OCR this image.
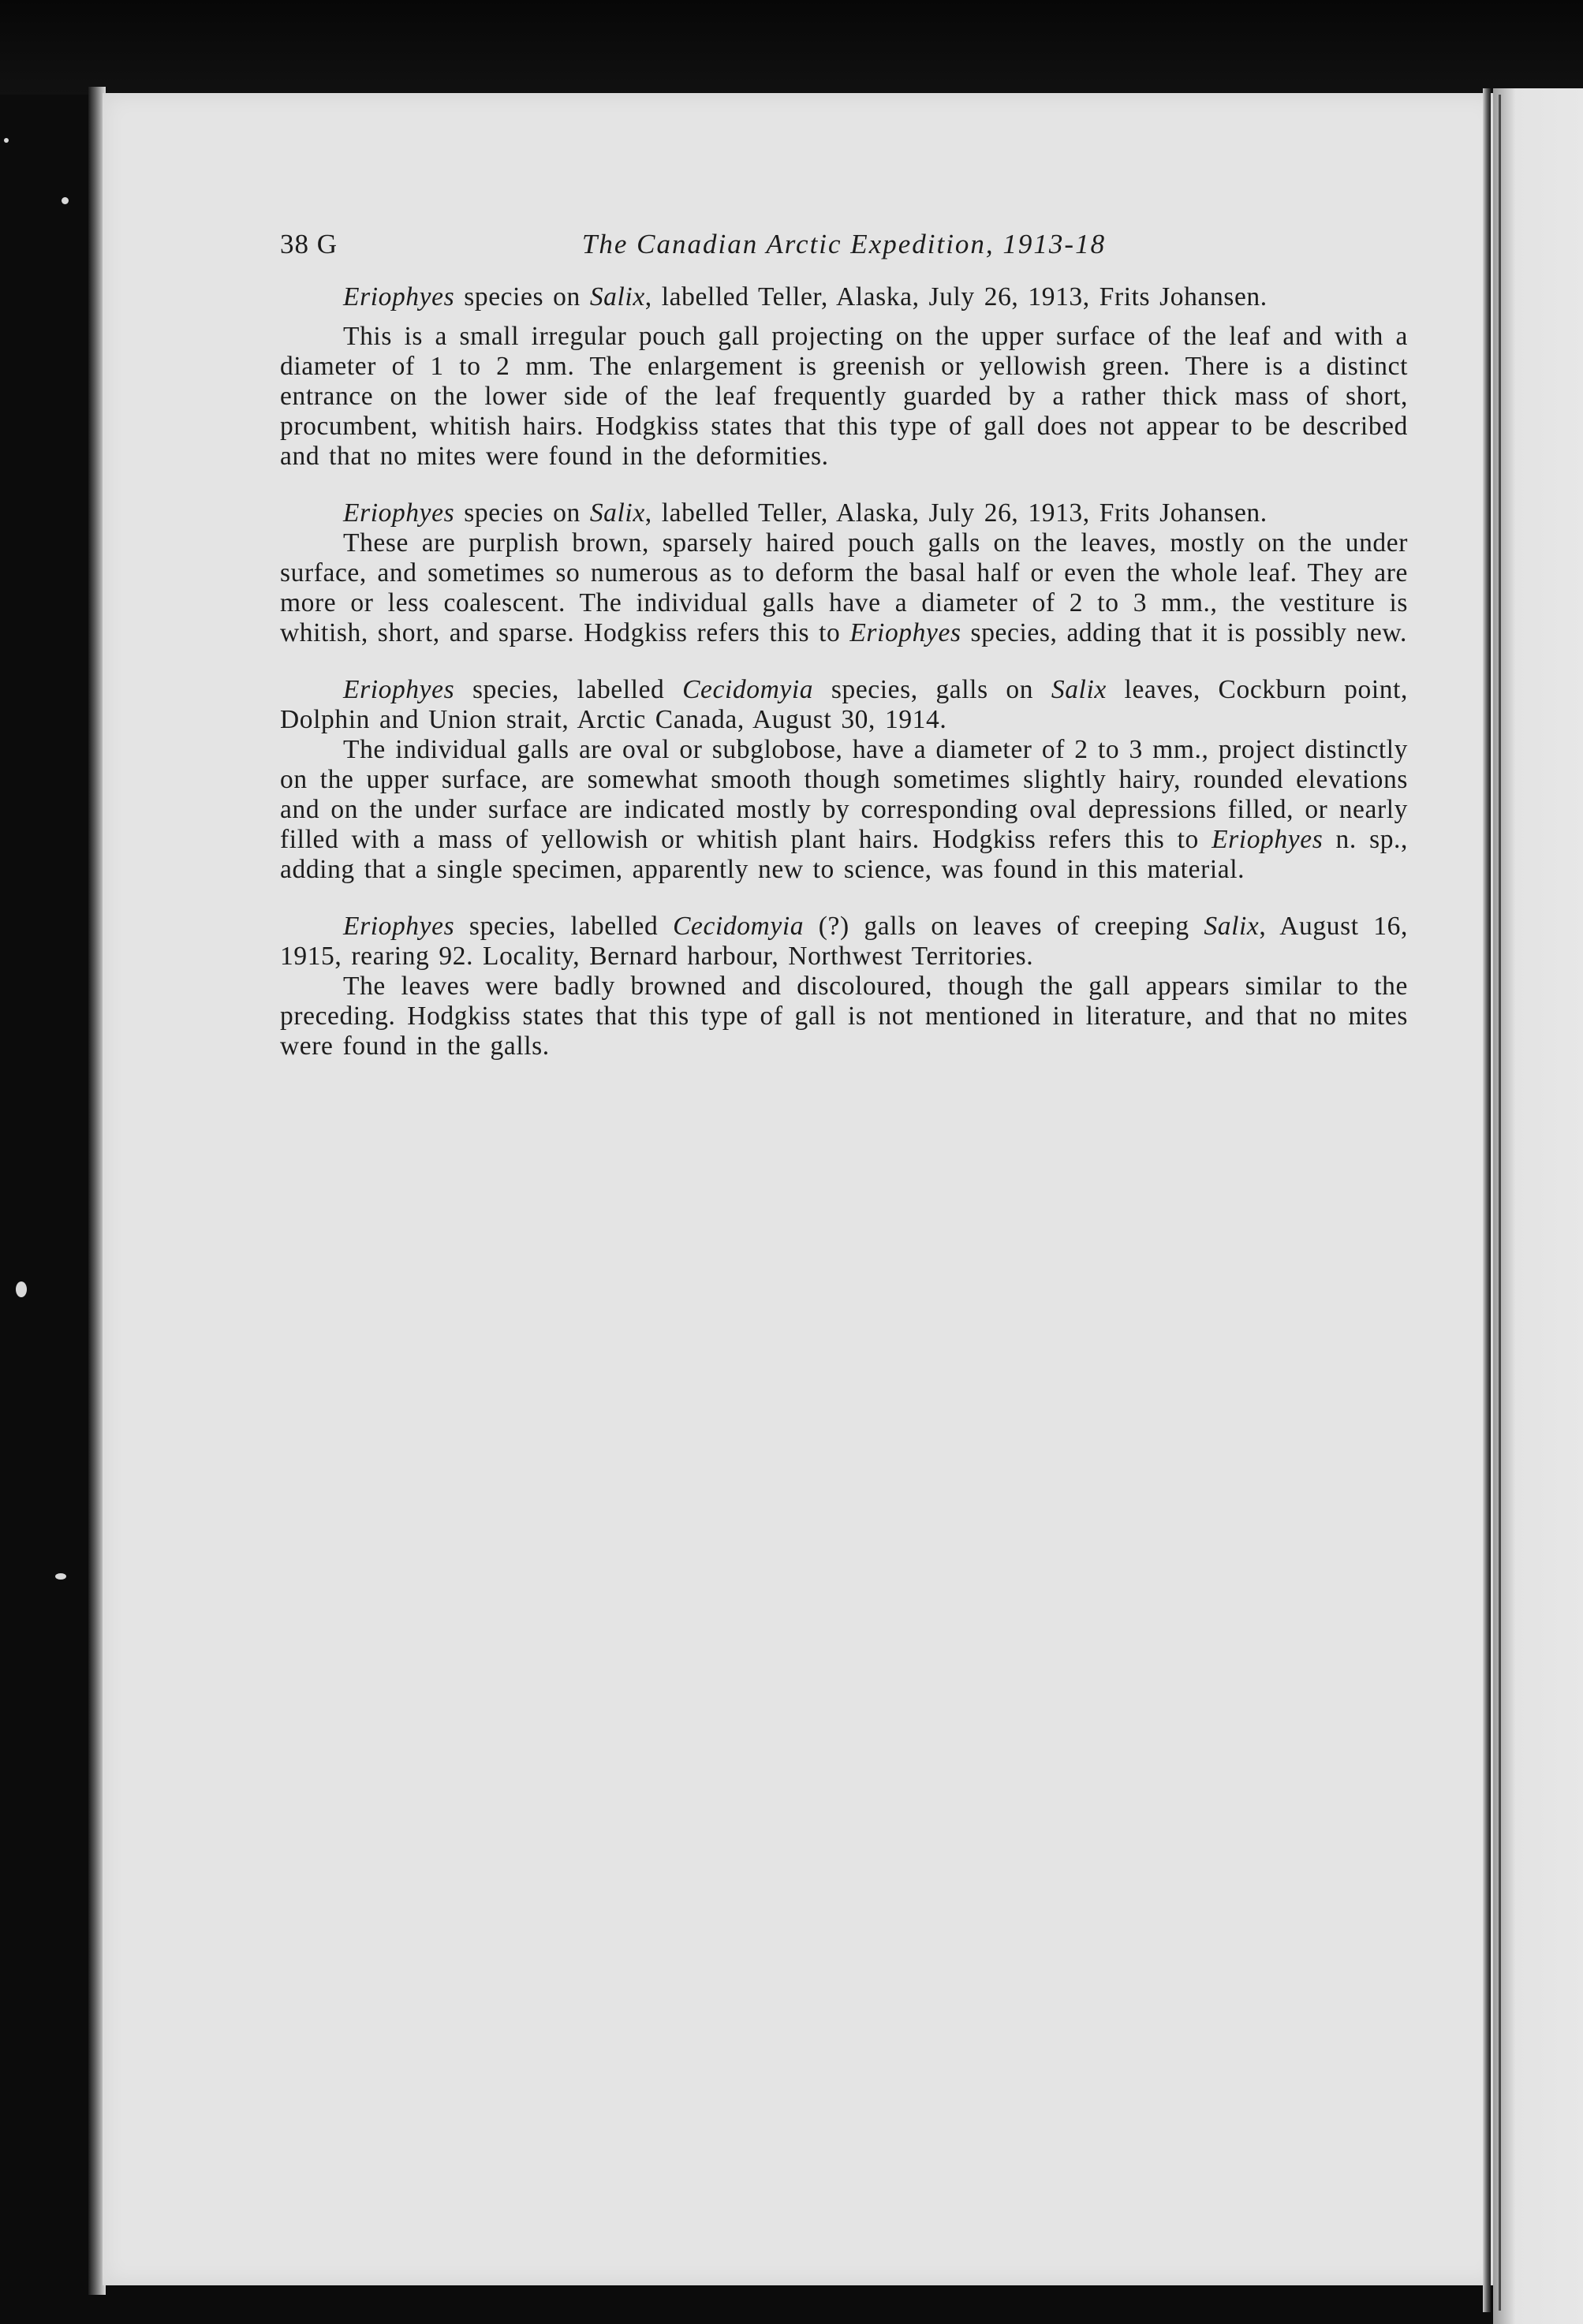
38 G	The Canadian Arctic Expedition, 1913-18

Eriophyes species on Salix, labelled Teller, Alaska, July 26, 1913, Frits Johansen.

This is a small irregular pouch gall projecting on the upper surface of the leaf and with a diameter of 1 to 2 mm. The enlargement is greenish or yellowish green. There is a distinct entrance on the lower side of the leaf frequently guarded by a rather thick mass of short, procumbent, whitish hairs. Hodgkiss states that this type of gall does not appear to be described and that no mites were found in the deformities.

Eriophyes species on Salix, labelled Teller, Alaska, July 26, 1913, Frits Johansen.

These are purplish brown, sparsely haired pouch galls on the leaves, mostly on the under surface, and sometimes so numerous as to deform the basal half or even the whole leaf. They are more or less coalescent. The individual galls have a diameter of 2 to 3 mm., the vestiture is whitish, short, and sparse. Hodgkiss refers this to Eriophyes species, adding that it is possibly new.

Eriophyes species, labelled Cecidomyia species, galls on Salix leaves, Cockburn point, Dolphin and Union strait, Arctic Canada, August 30, 1914.

The individual galls are oval or subglobose, have a diameter of 2 to 3 mm., project distinctly on the upper surface, are somewhat smooth though sometimes slightly hairy, rounded elevations and on the under surface are indicated mostly by corresponding oval depressions filled, or nearly filled with a mass of yellowish or whitish plant hairs. Hodgkiss refers this to Eriophyes n. sp., adding that a single specimen, apparently new to science, was found in this material.

Eriophyes species, labelled Cecidomyia (?) galls on leaves of creeping Salix, August 16, 1915, rearing 92. Locality, Bernard harbour, Northwest Territories.

The leaves were badly browned and discoloured, though the gall appears similar to the preceding. Hodgkiss states that this type of gall is not mentioned in literature, and that no mites were found in the galls.
